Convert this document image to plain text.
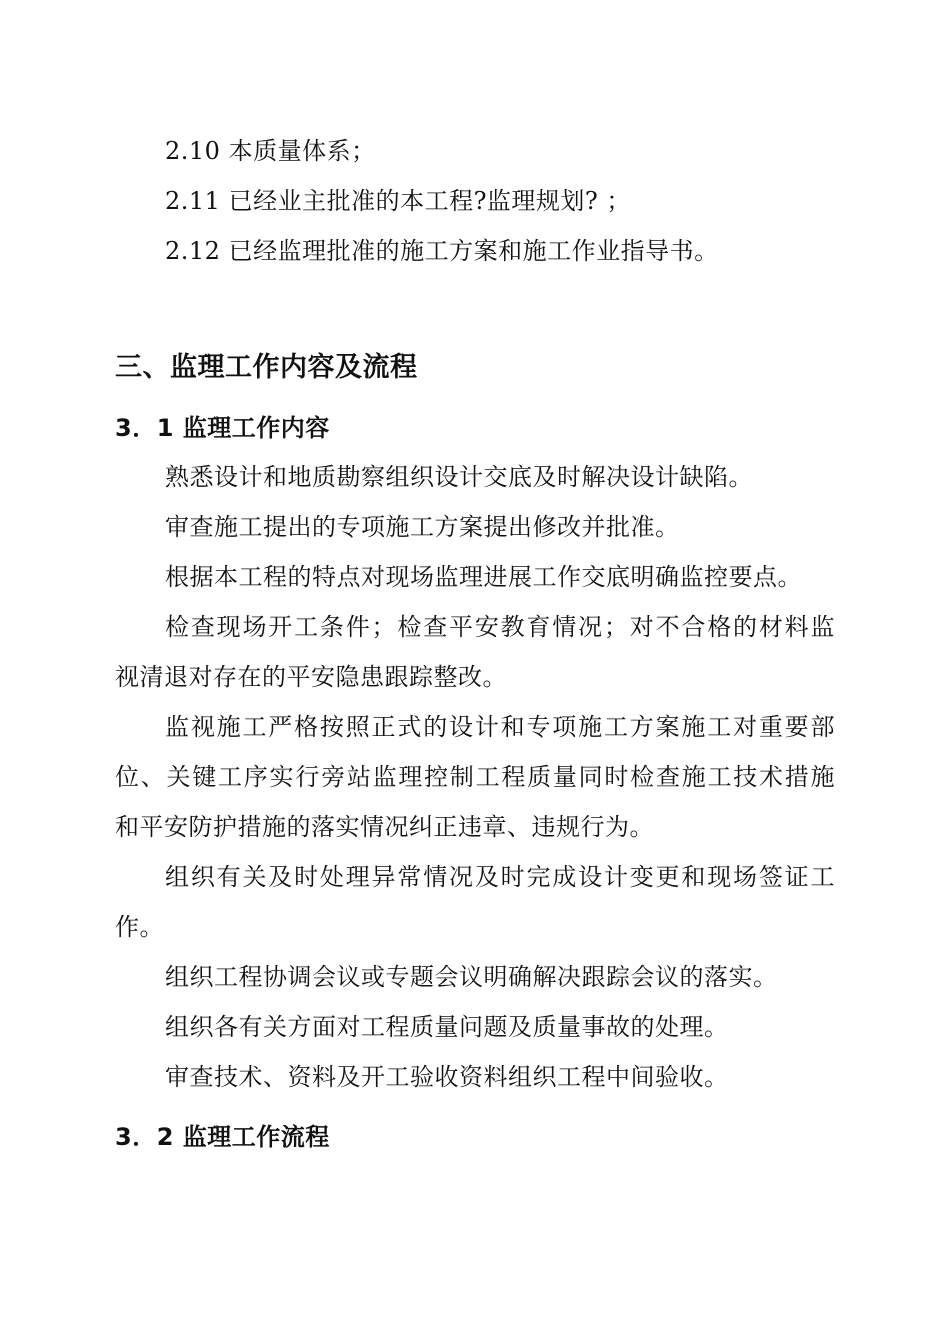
2.10 本质量体系；
2.11 已经业主批准的本工程?监理规划? ；
2.12 已经监理批准的施工方案和施工作业指导书。
三、监理工作内容及流程
3．1 监理工作内容
熟悉设计和地质勘察组织设计交底及时解决设计缺陷。
审查施工提出的专项施工方案提出修改并批准。
根据本工程的特点对现场监理进展工作交底明确监控要点。
检查现场开工条件；检查平安教育情况；对不合格的材料监
视清退对存在的平安隐患跟踪整改。
监视施工严格按照正式的设计和专项施工方案施工对重要部
位、关键工序实行旁站监理控制工程质量同时检查施工技术措施
和平安防护措施的落实情况纠正违章、违规行为。
组织有关及时处理异常情况及时完成设计变更和现场签证工
作。
组织工程协调会议或专题会议明确解决跟踪会议的落实。
组织各有关方面对工程质量问题及质量事故的处理。
审查技术、资料及开工验收资料组织工程中间验收。
3．2 监理工作流程
